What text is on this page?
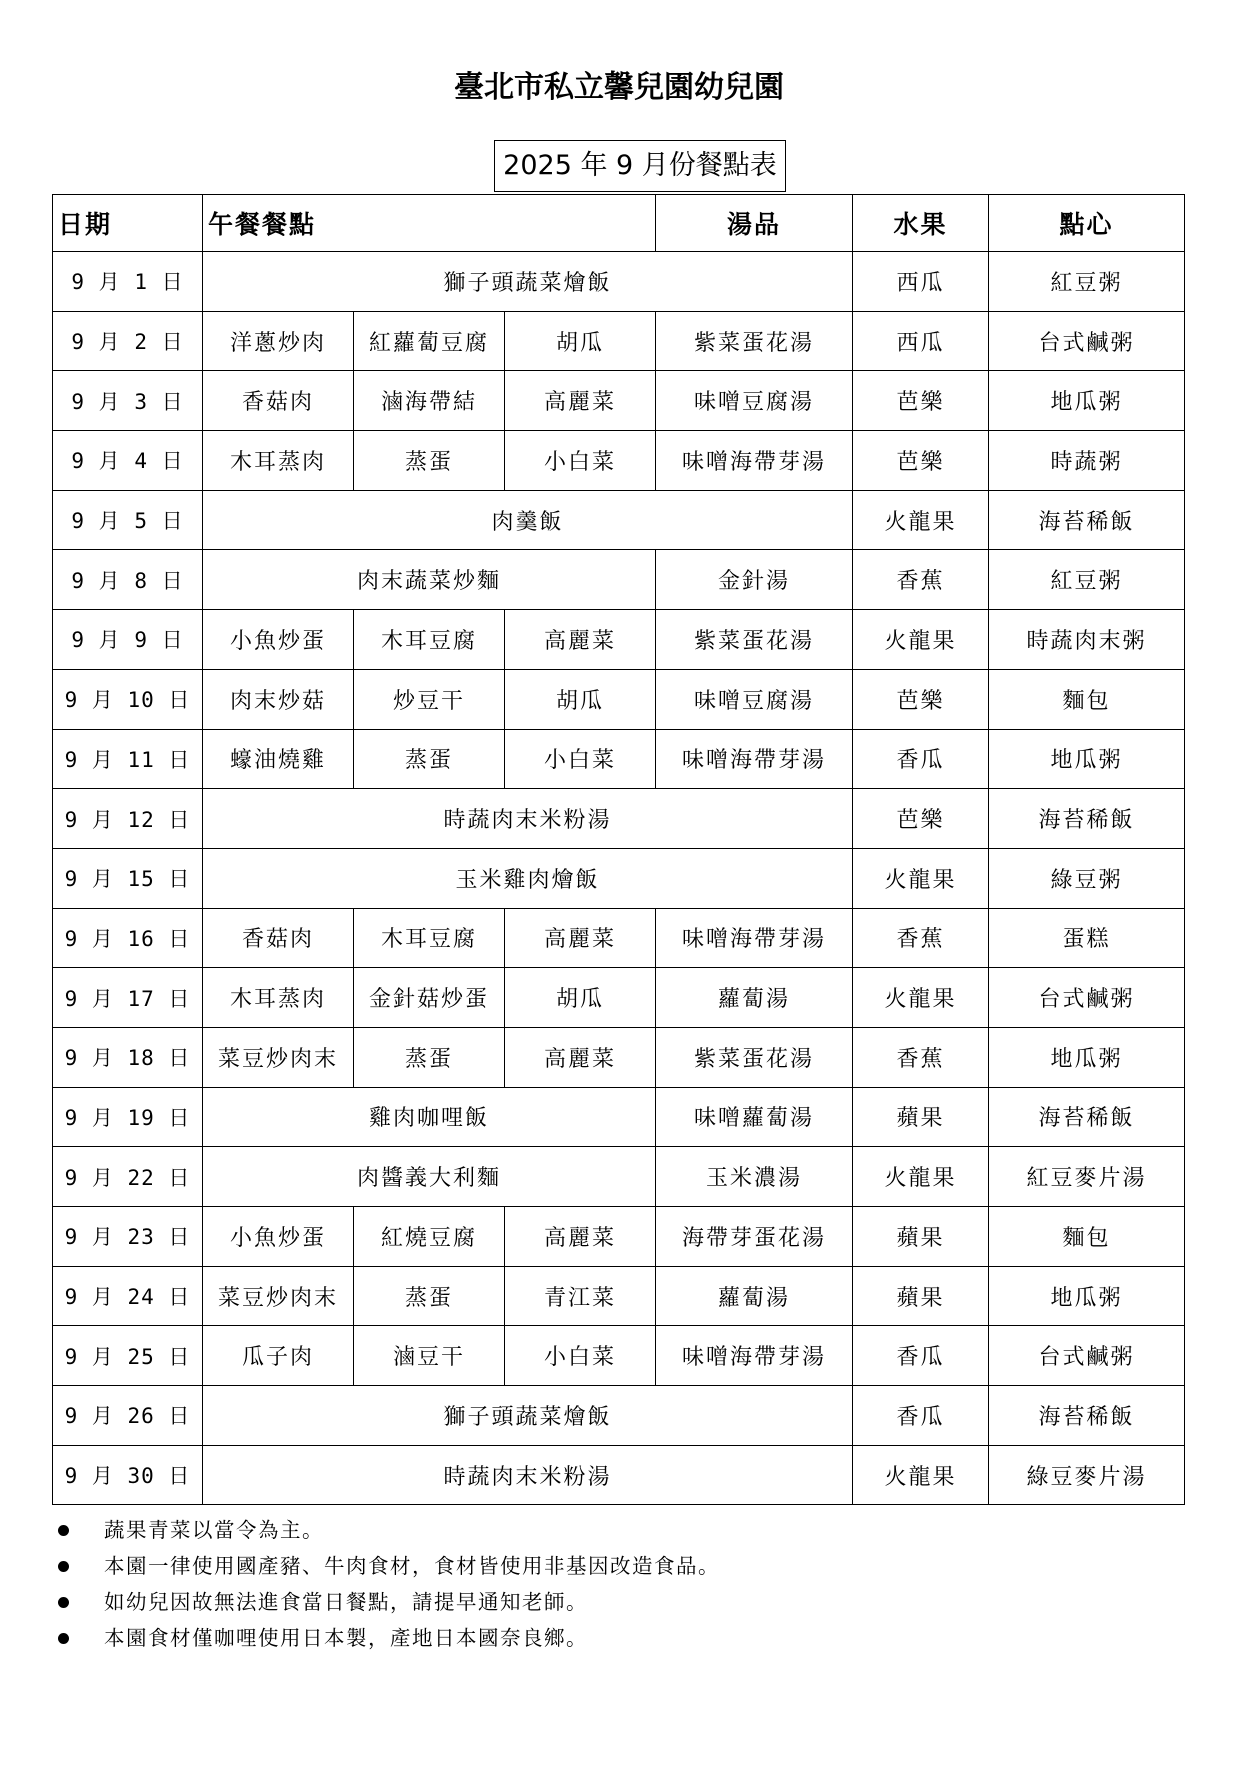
臺北市私立馨兒園幼兒園
2025 年 9 月份餐點表
日期	午餐餐點			湯品	水果	點心
9 月 1 日	獅子頭蔬菜燴飯				西瓜	紅豆粥
9 月 2 日	洋蔥炒肉	紅蘿蔔豆腐	胡瓜	紫菜蛋花湯	西瓜	台式鹹粥
9 月 3 日	香菇肉	滷海帶結	高麗菜	味噌豆腐湯	芭樂	地瓜粥
9 月 4 日	木耳蒸肉	蒸蛋	小白菜	味噌海帶芽湯	芭樂	時蔬粥
9 月 5 日	肉羹飯				火龍果	海苔稀飯
9 月 8 日	肉末蔬菜炒麵			金針湯	香蕉	紅豆粥
9 月 9 日	小魚炒蛋	木耳豆腐	高麗菜	紫菜蛋花湯	火龍果	時蔬肉末粥
9 月 10 日	肉末炒菇	炒豆干	胡瓜	味噌豆腐湯	芭樂	麵包
9 月 11 日	蠔油燒雞	蒸蛋	小白菜	味噌海帶芽湯	香瓜	地瓜粥
9 月 12 日	時蔬肉末米粉湯				芭樂	海苔稀飯
9 月 15 日	玉米雞肉燴飯				火龍果	綠豆粥
9 月 16 日	香菇肉	木耳豆腐	高麗菜	味噌海帶芽湯	香蕉	蛋糕
9 月 17 日	木耳蒸肉	金針菇炒蛋	胡瓜	蘿蔔湯	火龍果	台式鹹粥
9 月 18 日	菜豆炒肉末	蒸蛋	高麗菜	紫菜蛋花湯	香蕉	地瓜粥
9 月 19 日	雞肉咖哩飯			味噌蘿蔔湯	蘋果	海苔稀飯
9 月 22 日	肉醬義大利麵			玉米濃湯	火龍果	紅豆麥片湯
9 月 23 日	小魚炒蛋	紅燒豆腐	高麗菜	海帶芽蛋花湯	蘋果	麵包
9 月 24 日	菜豆炒肉末	蒸蛋	青江菜	蘿蔔湯	蘋果	地瓜粥
9 月 25 日	瓜子肉	滷豆干	小白菜	味噌海帶芽湯	香瓜	台式鹹粥
9 月 26 日	獅子頭蔬菜燴飯				香瓜	海苔稀飯
9 月 30 日	時蔬肉末米粉湯				火龍果	綠豆麥片湯
蔬果青菜以當令為主。
本園一律使用國產豬、牛肉食材，食材皆使用非基因改造食品。
如幼兒因故無法進食當日餐點，請提早通知老師。
本園食材僅咖哩使用日本製，產地日本國奈良鄉。
